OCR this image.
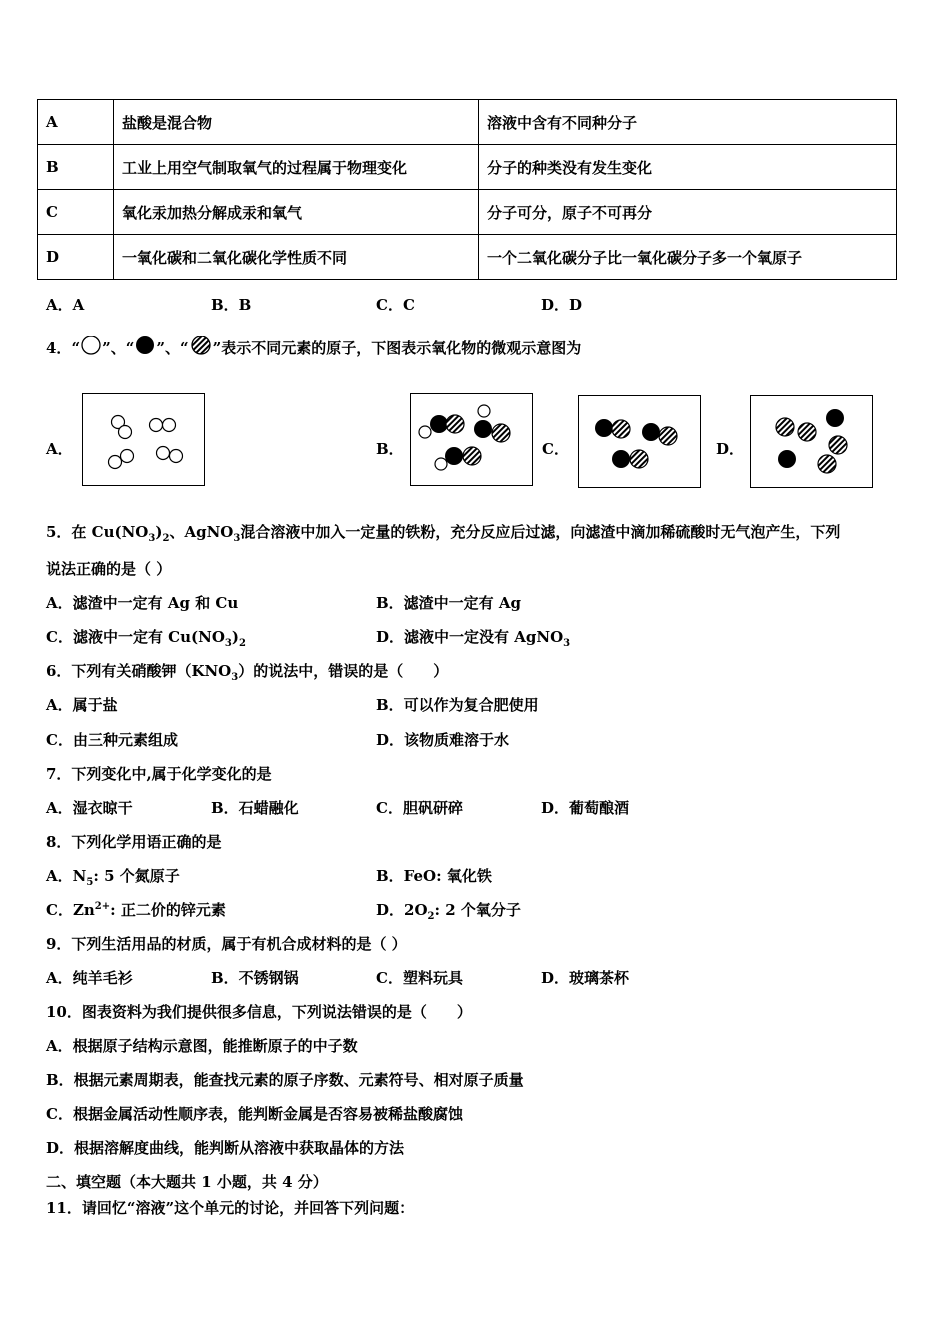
A	盐酸是混合物	溶液中含有不同种分子
B	工业上用空气制取氧气的过程属于物理变化	分子的种类没有发生变化
C	氧化汞加热分解成汞和氧气	分子可分，原子不可再分
D	一氧化碳和二氧化碳化学性质不同	一个二氧化碳分子比一氧化碳分子多一个氧原子
A．A	B．B	C．C	D．D
4．“ ”、“ ”、“ ”表示不同元素的原子，下图表示氧化物的微观示意图为
A．	B．	C．	D．
5．在 $Cu(NO_3)_2$、AgNO$_3$混合溶液中加入一定量的铁粉，充分反应后过滤，向滤渣中滴加稀硫酸时无气泡产生，下列
说法正确的是（ ）
A．滤渣中一定有 Ag 和 Cu	B．滤渣中一定有 Ag
C．滤液中一定有 $Cu(NO_3)_2$	D．滤液中一定没有 AgNO$_3$
6．下列有关硝酸钾$(KNO_3)$的说法中，错误的是（　　）
A．属于盐	B．可以作为复合肥使用
C．由三种元素组成	D．该物质难溶于水
7．下列变化中,属于化学变化的是
A．湿衣晾干	B．石蜡融化	C．胆矾研碎	D．葡萄酿酒
8．下列化学用语正确的是
A．$N_5$: 5 个氮原子	B．FeO: 氧化铁
C．$Zn^{2+}$: 正二价的锌元素	D．$2O_2$: 2 个氧分子
9．下列生活用品的材质，属于有机合成材料的是（ ）
A．纯羊毛衫	B．不锈钢锅	C．塑料玩具	D．玻璃茶杯
10．图表资料为我们提供很多信息，下列说法错误的是（　　）
A．根据原子结构示意图，能推断原子的中子数
B．根据元素周期表，能查找元素的原子序数、元素符号、相对原子质量
C．根据金属活动性顺序表，能判断金属是否容易被稀盐酸腐蚀
D．根据溶解度曲线，能判断从溶液中获取晶体的方法
二、填空题（本大题共 1 小题，共 4 分）
11．请回忆“溶液”这个单元的讨论，并回答下列问题：
